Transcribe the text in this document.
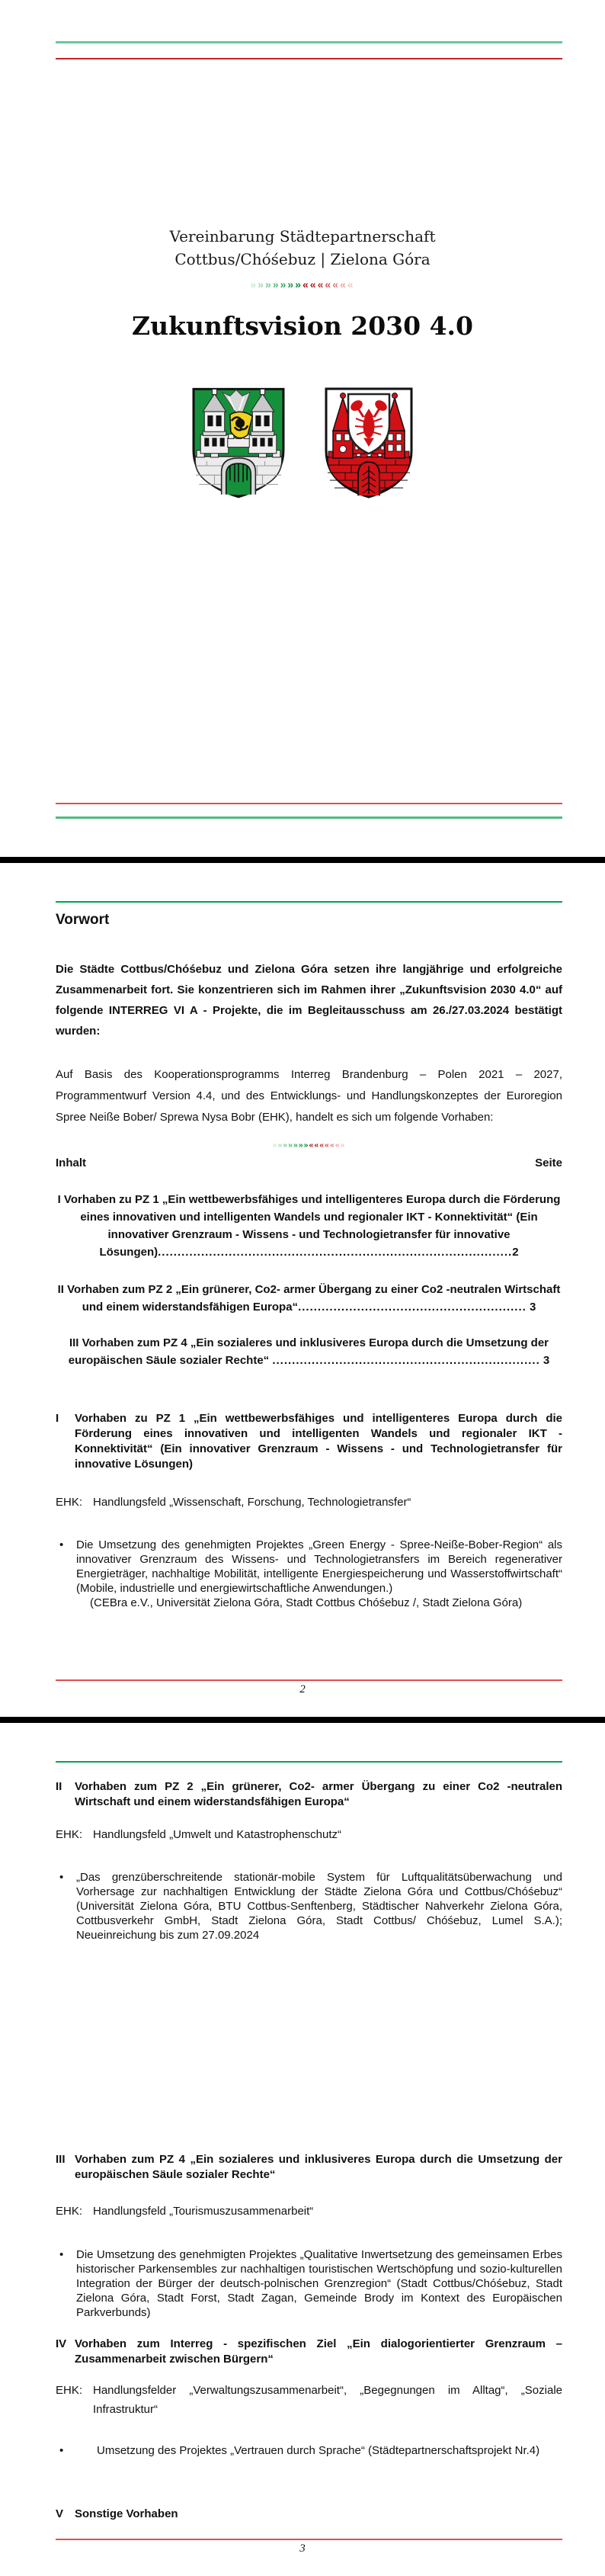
Vereinbarung Städtepartnerschaft
Cottbus/Chóśebuz | Zielona Góra
»»»»»»»«««««««
Zukunftsvision 2030 4.0
Vorwort

Die Städte Cottbus/Chóśebuz und Zielona Góra setzen ihre langjährige und erfolgreiche Zusammenarbeit fort. Sie konzentrieren sich im Rahmen ihrer „Zukunftsvision 2030 4.0“ auf folgende INTERREG VI A - Projekte, die im Begleitausschuss am 26./27.03.2024 bestätigt wurden:

Auf Basis des Kooperationsprogramms Interreg Brandenburg – Polen 2021 – 2027, Programmentwurf Version 4.4, und des Entwicklungs- und Handlungskonzeptes der Euroregion Spree Neiße Bober/ Sprewa Nysa Bobr (EHK), handelt es sich um folgende Vorhaben:

»»»»»»»«««««««
Inhalt	Seite
I Vorhaben zu PZ 1 „Ein wettbewerbsfähiges und intelligenteres Europa durch die Förderung eines innovativen und intelligenten Wandels und regionaler IKT - Konnektivität“ (Ein innovativer Grenzraum - Wissens - und Technologietransfer für innovative Lösungen)..........................................................................................2
II Vorhaben zum PZ 2 „Ein grünerer, Co2- armer Übergang zu einer Co2 -neutralen Wirtschaft und einem widerstandsfähigen Europa“.......................................................... 3
III Vorhaben zum PZ 4 „Ein sozialeres und inklusiveres Europa durch die Umsetzung der europäischen Säule sozialer Rechte“ .................................................................... 3
I	Vorhaben zu PZ 1 „Ein wettbewerbsfähiges und intelligenteres Europa durch die Förderung eines innovativen und intelligenten Wandels und regionaler IKT - Konnektivität“ (Ein innovativer Grenzraum - Wissens - und Technologietransfer für innovative Lösungen)
EHK: Handlungsfeld „Wissenschaft, Forschung, Technologietransfer“
•	Die Umsetzung des genehmigten Projektes „Green Energy - Spree-Neiße-Bober-Region“ als innovativer Grenzraum des Wissens- und Technologietransfers im Bereich regenerativer Energieträger, nachhaltige Mobilität, intelligente Energiespeicherung und Wasserstoffwirtschaft“ (Mobile, industrielle und energiewirtschaftliche Anwendungen.)
(CEBra e.V., Universität Zielona Góra, Stadt Cottbus Chóśebuz /, Stadt Zielona Góra)
2
II	Vorhaben zum PZ 2 „Ein grünerer, Co2- armer Übergang zu einer Co2 -neutralen Wirtschaft und einem widerstandsfähigen Europa“
EHK: Handlungsfeld „Umwelt und Katastrophenschutz“
•	„Das grenzüberschreitende stationär-mobile System für Luftqualitätsüberwachung und Vorhersage zur nachhaltigen Entwicklung der Städte Zielona Góra und Cottbus/Chóśebuz“ (Universität Zielona Góra, BTU Cottbus-Senftenberg, Städtischer Nahverkehr Zielona Góra, Cottbusverkehr GmbH, Stadt Zielona Góra, Stadt Cottbus/ Chóśebuz, Lumel S.A.); Neueinreichung bis zum 27.09.2024
III Vorhaben zum PZ 4 „Ein sozialeres und inklusiveres Europa durch die Umsetzung der europäischen Säule sozialer Rechte“
EHK: Handlungsfeld „Tourismuszusammenarbeit“
•	Die Umsetzung des genehmigten Projektes „Qualitative Inwertsetzung des gemeinsamen Erbes historischer Parkensembles zur nachhaltigen touristischen Wertschöpfung und sozio-kulturellen Integration der Bürger der deutsch-polnischen Grenzregion“ (Stadt Cottbus/Chóśebuz, Stadt Zielona Góra, Stadt Forst, Stadt Zagan, Gemeinde Brody im Kontext des Europäischen Parkverbunds)
IV Vorhaben zum Interreg - spezifischen Ziel „Ein dialogorientierter Grenzraum – Zusammenarbeit zwischen Bürgern“
EHK: Handlungsfelder „Verwaltungszusammenarbeit“, „Begegnungen im Alltag“, „Soziale Infrastruktur“
•	Umsetzung des Projektes „Vertrauen durch Sprache“ (Städtepartnerschaftsprojekt Nr.4)
V Sonstige Vorhaben
3
